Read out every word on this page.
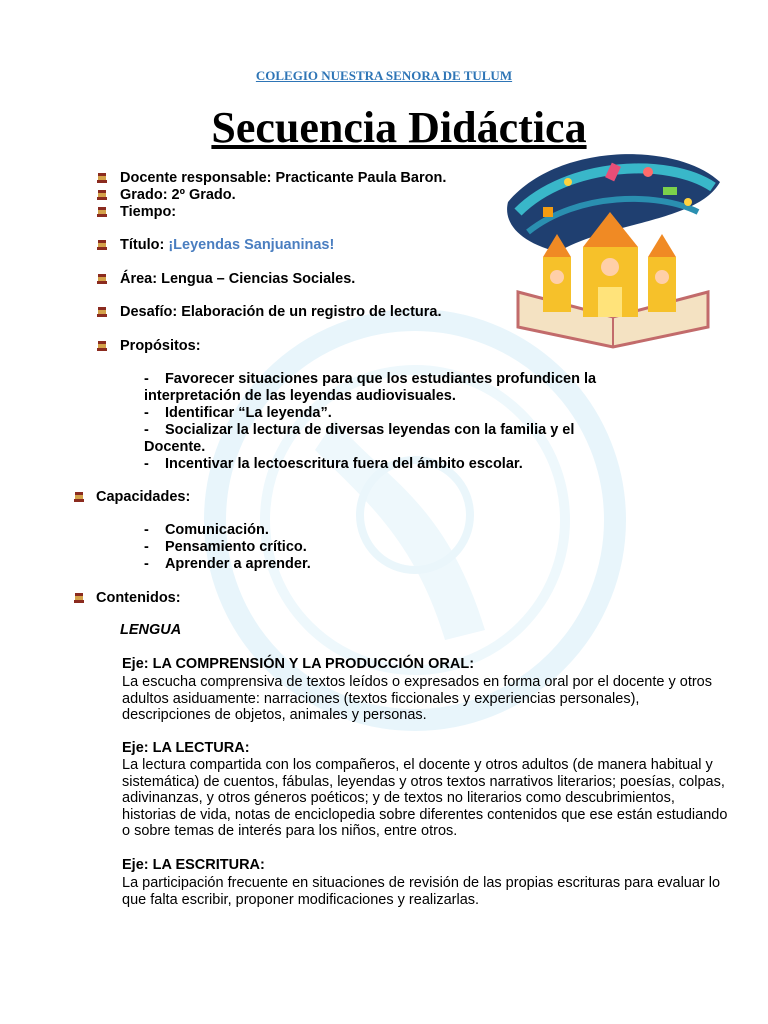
COLEGIO NUESTRA SENORA DE TULUM
Secuencia Didáctica
Docente responsable: Practicante Paula Baron.
Grado: 2º Grado.
Tiempo:
Título: ¡Leyendas Sanjuaninas!
Área: Lengua – Ciencias Sociales.
Desafío: Elaboración de un registro de lectura.
Propósitos:
-    Favorecer situaciones para que los estudiantes profundicen la
interpretación de las leyendas audiovisuales.
-    Identificar “La leyenda”.
-    Socializar la lectura de diversas leyendas con la familia y el
Docente.
-    Incentivar la lectoescritura fuera del ámbito escolar.
Capacidades:
-    Comunicación.
-    Pensamiento crítico.
-    Aprender a aprender.
Contenidos:
LENGUA
Eje: LA COMPRENSIÓN Y LA PRODUCCIÓN ORAL:
La escucha comprensiva de textos leídos o expresados en forma oral por el docente y otros adultos asiduamente: narraciones (textos ficcionales y experiencias personales), descripciones de objetos, animales y personas.
Eje: LA LECTURA:
La lectura compartida con los compañeros, el docente y otros adultos (de manera habitual y sistemática) de cuentos, fábulas, leyendas y otros textos narrativos literarios; poesías, colpas, adivinanzas, y otros géneros poéticos; y de textos no literarios como descubrimientos, historias de vida, notas de enciclopedia sobre diferentes contenidos que ese están estudiando o sobre temas de interés para los niños, entre otros.
Eje: LA ESCRITURA:
La participación frecuente en situaciones de revisión de las propias escrituras para evaluar lo que falta escribir, proponer modificaciones y realizarlas.
